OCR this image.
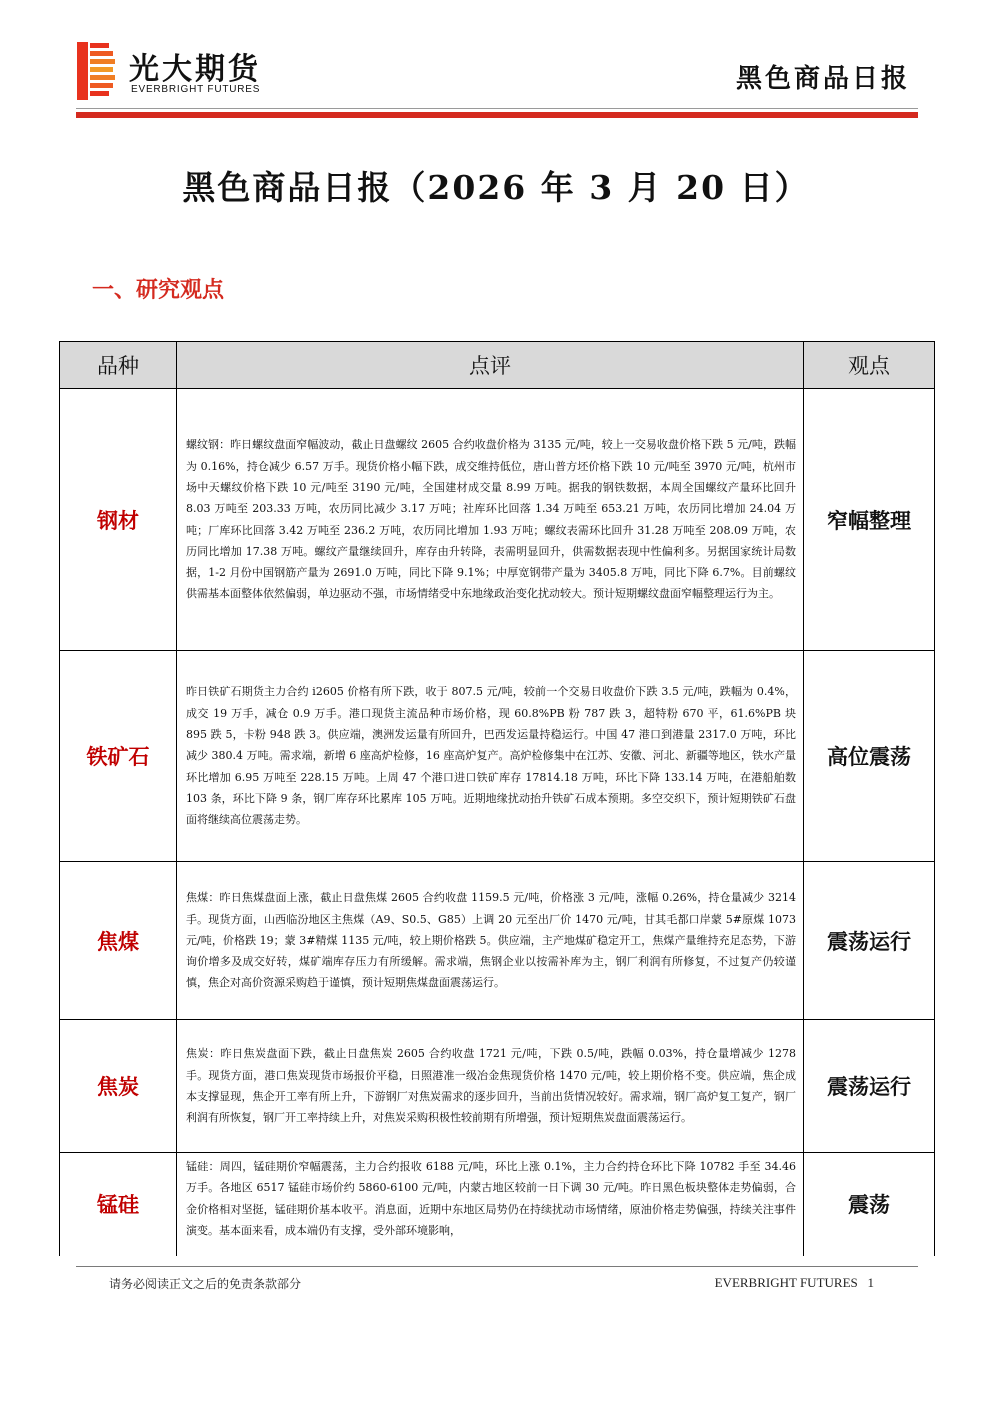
光大期货
EVERBRIGHT FUTURES	黑色商品日报
黑色商品日报（2026 年 3 月 20 日）
一、研究观点
品种	点评	观点
钢材	螺纹钢：昨日螺纹盘面窄幅波动，截止日盘螺纹 2605 合约收盘价格为 3135 元/吨，较上一交易收盘价格下跌 5 元/吨，跌幅为 0.16%，持仓减少 6.57 万手。现货价格小幅下跌，成交维持低位，唐山普方坯价格下跌 10 元/吨至 3970 元/吨，杭州市场中天螺纹价格下跌 10 元/吨至 3190 元/吨，全国建材成交量 8.99 万吨。据我的钢铁数据，本周全国螺纹产量环比回升 8.03 万吨至 203.33 万吨，农历同比减少 3.17 万吨；社库环比回落 1.34 万吨至 653.21 万吨，农历同比增加 24.04 万吨；厂库环比回落 3.42 万吨至 236.2 万吨，农历同比增加 1.93 万吨；螺纹表需环比回升 31.28 万吨至 208.09 万吨，农历同比增加 17.38 万吨。螺纹产量继续回升，库存由升转降，表需明显回升，供需数据表现中性偏利多。另据国家统计局数据，1-2 月份中国钢筋产量为 2691.0 万吨，同比下降 9.1%；中厚宽钢带产量为 3405.8 万吨，同比下降 6.7%。目前螺纹供需基本面整体依然偏弱，单边驱动不强，市场情绪受中东地缘政治变化扰动较大。预计短期螺纹盘面窄幅整理运行为主。	窄幅整理
铁矿石	昨日铁矿石期货主力合约 i2605 价格有所下跌，收于 807.5 元/吨，较前一个交易日收盘价下跌 3.5 元/吨，跌幅为 0.4%，成交 19 万手，减仓 0.9 万手。港口现货主流品种市场价格，现 60.8%PB 粉 787 跌 3，超特粉 670 平，61.6%PB 块 895 跌 5，卡粉 948 跌 3。供应端，澳洲发运量有所回升，巴西发运量持稳运行。中国 47 港口到港量 2317.0 万吨，环比减少 380.4 万吨。需求端，新增 6 座高炉检修，16 座高炉复产。高炉检修集中在江苏、安徽、河北、新疆等地区，铁水产量环比增加 6.95 万吨至 228.15 万吨。上周 47 个港口进口铁矿库存 17814.18 万吨，环比下降 133.14 万吨，在港船舶数 103 条，环比下降 9 条，钢厂库存环比累库 105 万吨。近期地缘扰动抬升铁矿石成本预期。多空交织下，预计短期铁矿石盘面将继续高位震荡走势。	高位震荡
焦煤	焦煤：昨日焦煤盘面上涨，截止日盘焦煤 2605 合约收盘 1159.5 元/吨，价格涨 3 元/吨，涨幅 0.26%，持仓量减少 3214 手。现货方面，山西临汾地区主焦煤（A9、S0.5、G85）上调 20 元至出厂价 1470 元/吨，甘其毛都口岸蒙 5#原煤 1073 元/吨，价格跌 19；蒙 3#精煤 1135 元/吨，较上期价格跌 5。供应端，主产地煤矿稳定开工，焦煤产量维持充足态势，下游询价增多及成交好转，煤矿端库存压力有所缓解。需求端，焦钢企业以按需补库为主，钢厂利润有所修复，不过复产仍较谨慎，焦企对高价资源采购趋于谨慎，预计短期焦煤盘面震荡运行。	震荡运行
焦炭	焦炭：昨日焦炭盘面下跌，截止日盘焦炭 2605 合约收盘 1721 元/吨，下跌 0.5/吨，跌幅 0.03%，持仓量增减少 1278 手。现货方面，港口焦炭现货市场报价平稳，日照港准一级冶金焦现货价格 1470 元/吨，较上期价格不变。供应端，焦企成本支撑显现，焦企开工率有所上升，下游钢厂对焦炭需求的逐步回升，当前出货情况较好。需求端，钢厂高炉复工复产，钢厂利润有所恢复，钢厂开工率持续上升，对焦炭采购积极性较前期有所增强，预计短期焦炭盘面震荡运行。	震荡运行
锰硅	锰硅：周四，锰硅期价窄幅震荡，主力合约报收 6188 元/吨，环比上涨 0.1%，主力合约持仓环比下降 10782 手至 34.46 万手。各地区 6517 锰硅市场价约 5860-6100 元/吨，内蒙古地区较前一日下调 30 元/吨。昨日黑色板块整体走势偏弱，合金价格相对坚挺，锰硅期价基本收平。消息面，近期中东地区局势仍在持续扰动市场情绪，原油价格走势偏强，持续关注事件演变。基本面来看，成本端仍有支撑，受外部环境影响，	震荡
请务必阅读正文之后的免责条款部分	EVERBRIGHT FUTURES 1
